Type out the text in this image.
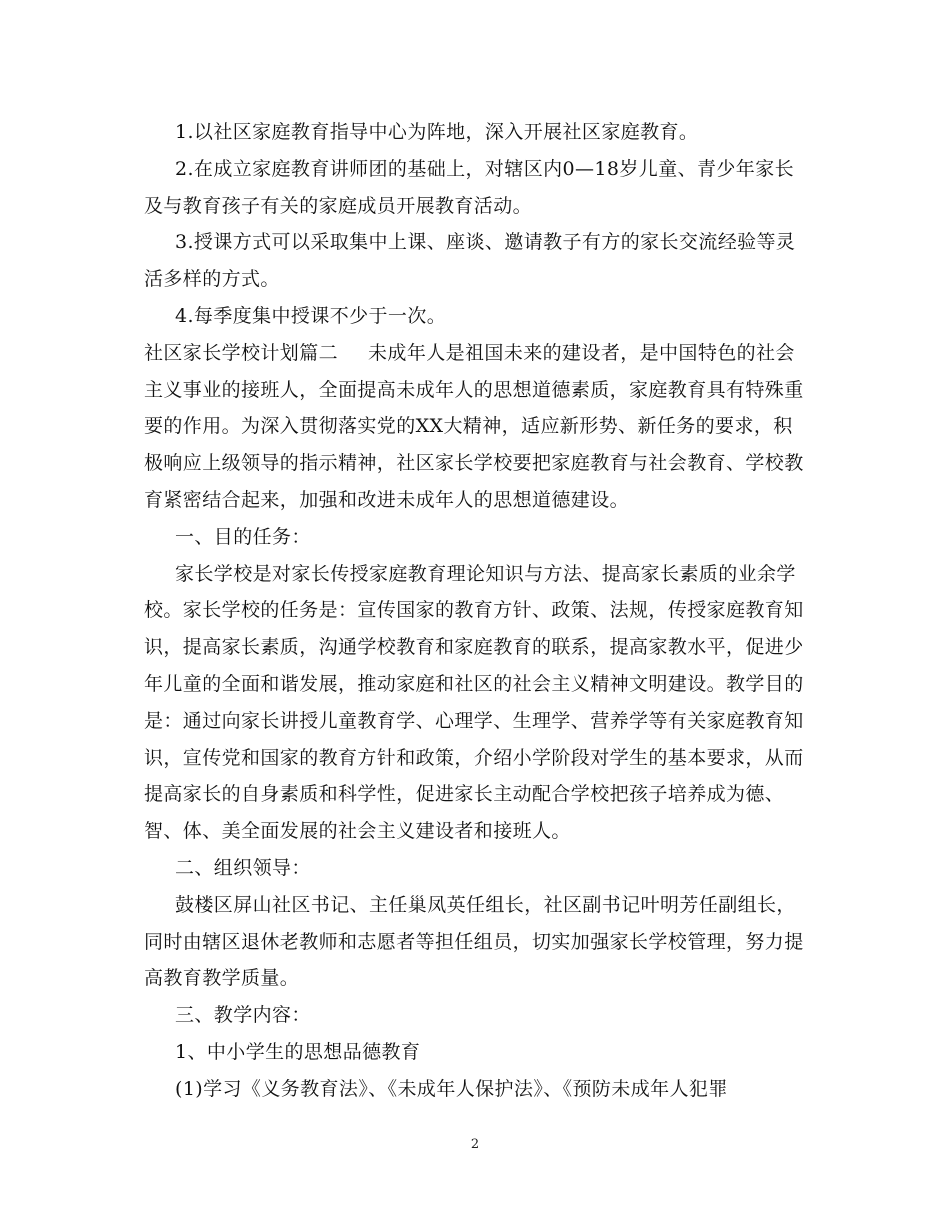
1.以社区家庭教育指导中心为阵地，深入开展社区家庭教育。

2.在成立家庭教育讲师团的基础上，对辖区内0—18岁儿童、青少年家长及与教育孩子有关的家庭成员开展教育活动。

3.授课方式可以采取集中上课、座谈、邀请教子有方的家长交流经验等灵活多样的方式。

4.每季度集中授课不少于一次。

社区家长学校计划篇二 未成年人是祖国未来的建设者，是中国特色的社会主义事业的接班人，全面提高未成年人的思想道德素质，家庭教育具有特殊重要的作用。为深入贯彻落实党的XX大精神，适应新形势、新任务的要求，积极响应上级领导的指示精神，社区家长学校要把家庭教育与社会教育、学校教育紧密结合起来，加强和改进未成年人的思想道德建设。

一、目的任务：

家长学校是对家长传授家庭教育理论知识与方法、提高家长素质的业余学校。家长学校的任务是：宣传国家的教育方针、政策、法规，传授家庭教育知识，提高家长素质，沟通学校教育和家庭教育的联系，提高家教水平，促进少年儿童的全面和谐发展，推动家庭和社区的社会主义精神文明建设。教学目的是：通过向家长讲授儿童教育学、心理学、生理学、营养学等有关家庭教育知识，宣传党和国家的教育方针和政策，介绍小学阶段对学生的基本要求，从而提高家长的自身素质和科学性，促进家长主动配合学校把孩子培养成为德、智、体、美全面发展的社会主义建设者和接班人。

二、组织领导：

鼓楼区屏山社区书记、主任巢凤英任组长，社区副书记叶明芳任副组长，同时由辖区退休老教师和志愿者等担任组员，切实加强家长学校管理，努力提高教育教学质量。

三、教学内容：

1、中小学生的思想品德教育

(1)学习《义务教育法》、《未成年人保护法》、《预防未成年人犯罪

2
